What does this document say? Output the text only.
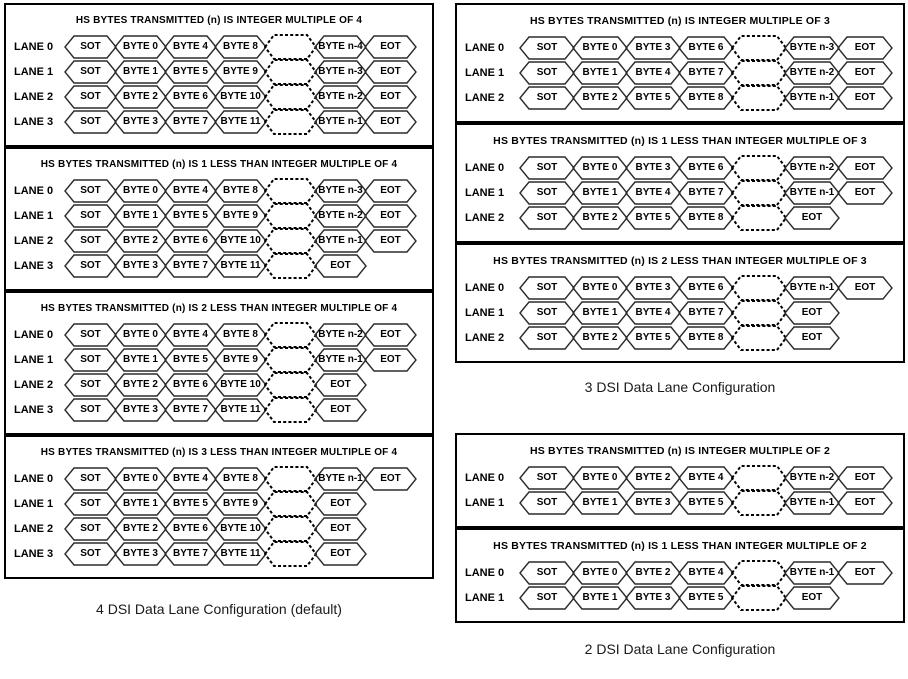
HS BYTES TRANSMITTED (n) IS INTEGER MULTIPLE OF 4
LANE 0	SOT	BYTE 0	BYTE 4	BYTE 8	BYTE n-4	EOT
LANE 1	SOT	BYTE 1	BYTE 5	BYTE 9	BYTE n-3	EOT
LANE 2	SOT	BYTE 2	BYTE 6	BYTE 10	BYTE n-2	EOT
LANE 3	SOT	BYTE 3	BYTE 7	BYTE 11	BYTE n-1	EOT
HS BYTES TRANSMITTED (n) IS 1 LESS THAN INTEGER MULTIPLE OF 4
LANE 0	SOT	BYTE 0	BYTE 4	BYTE 8	BYTE n-3	EOT
LANE 1	SOT	BYTE 1	BYTE 5	BYTE 9	BYTE n-2	EOT
LANE 2	SOT	BYTE 2	BYTE 6	BYTE 10	BYTE n-1	EOT
LANE 3	SOT	BYTE 3	BYTE 7	BYTE 11	EOT
HS BYTES TRANSMITTED (n) IS 2 LESS THAN INTEGER MULTIPLE OF 4
LANE 0	SOT	BYTE 0	BYTE 4	BYTE 8	BYTE n-2	EOT
LANE 1	SOT	BYTE 1	BYTE 5	BYTE 9	BYTE n-1	EOT
LANE 2	SOT	BYTE 2	BYTE 6	BYTE 10	EOT
LANE 3	SOT	BYTE 3	BYTE 7	BYTE 11	EOT
HS BYTES TRANSMITTED (n) IS 3 LESS THAN INTEGER MULTIPLE OF 4
LANE 0	SOT	BYTE 0	BYTE 4	BYTE 8	BYTE n-1	EOT
LANE 1	SOT	BYTE 1	BYTE 5	BYTE 9	EOT
LANE 2	SOT	BYTE 2	BYTE 6	BYTE 10	EOT
LANE 3	SOT	BYTE 3	BYTE 7	BYTE 11	EOT
4 DSI Data Lane Configuration (default)
HS BYTES TRANSMITTED (n) IS INTEGER MULTIPLE OF 3
LANE 0	SOT	BYTE 0	BYTE 3	BYTE 6	BYTE n-3	EOT
LANE 1	SOT	BYTE 1	BYTE 4	BYTE 7	BYTE n-2	EOT
LANE 2	SOT	BYTE 2	BYTE 5	BYTE 8	BYTE n-1	EOT
HS BYTES TRANSMITTED (n) IS 1 LESS THAN INTEGER MULTIPLE OF 3
LANE 0	SOT	BYTE 0	BYTE 3	BYTE 6	BYTE n-2	EOT
LANE 1	SOT	BYTE 1	BYTE 4	BYTE 7	BYTE n-1	EOT
LANE 2	SOT	BYTE 2	BYTE 5	BYTE 8	EOT
HS BYTES TRANSMITTED (n) IS 2 LESS THAN INTEGER MULTIPLE OF 3
LANE 0	SOT	BYTE 0	BYTE 3	BYTE 6	BYTE n-1	EOT
LANE 1	SOT	BYTE 1	BYTE 4	BYTE 7	EOT
LANE 2	SOT	BYTE 2	BYTE 5	BYTE 8	EOT
3 DSI Data Lane Configuration
HS BYTES TRANSMITTED (n) IS INTEGER MULTIPLE OF 2
LANE 0	SOT	BYTE 0	BYTE 2	BYTE 4	BYTE n-2	EOT
LANE 1	SOT	BYTE 1	BYTE 3	BYTE 5	BYTE n-1	EOT
HS BYTES TRANSMITTED (n) IS 1 LESS THAN INTEGER MULTIPLE OF 2
LANE 0	SOT	BYTE 0	BYTE 2	BYTE 4	BYTE n-1	EOT
LANE 1	SOT	BYTE 1	BYTE 3	BYTE 5	EOT
2 DSI Data Lane Configuration
